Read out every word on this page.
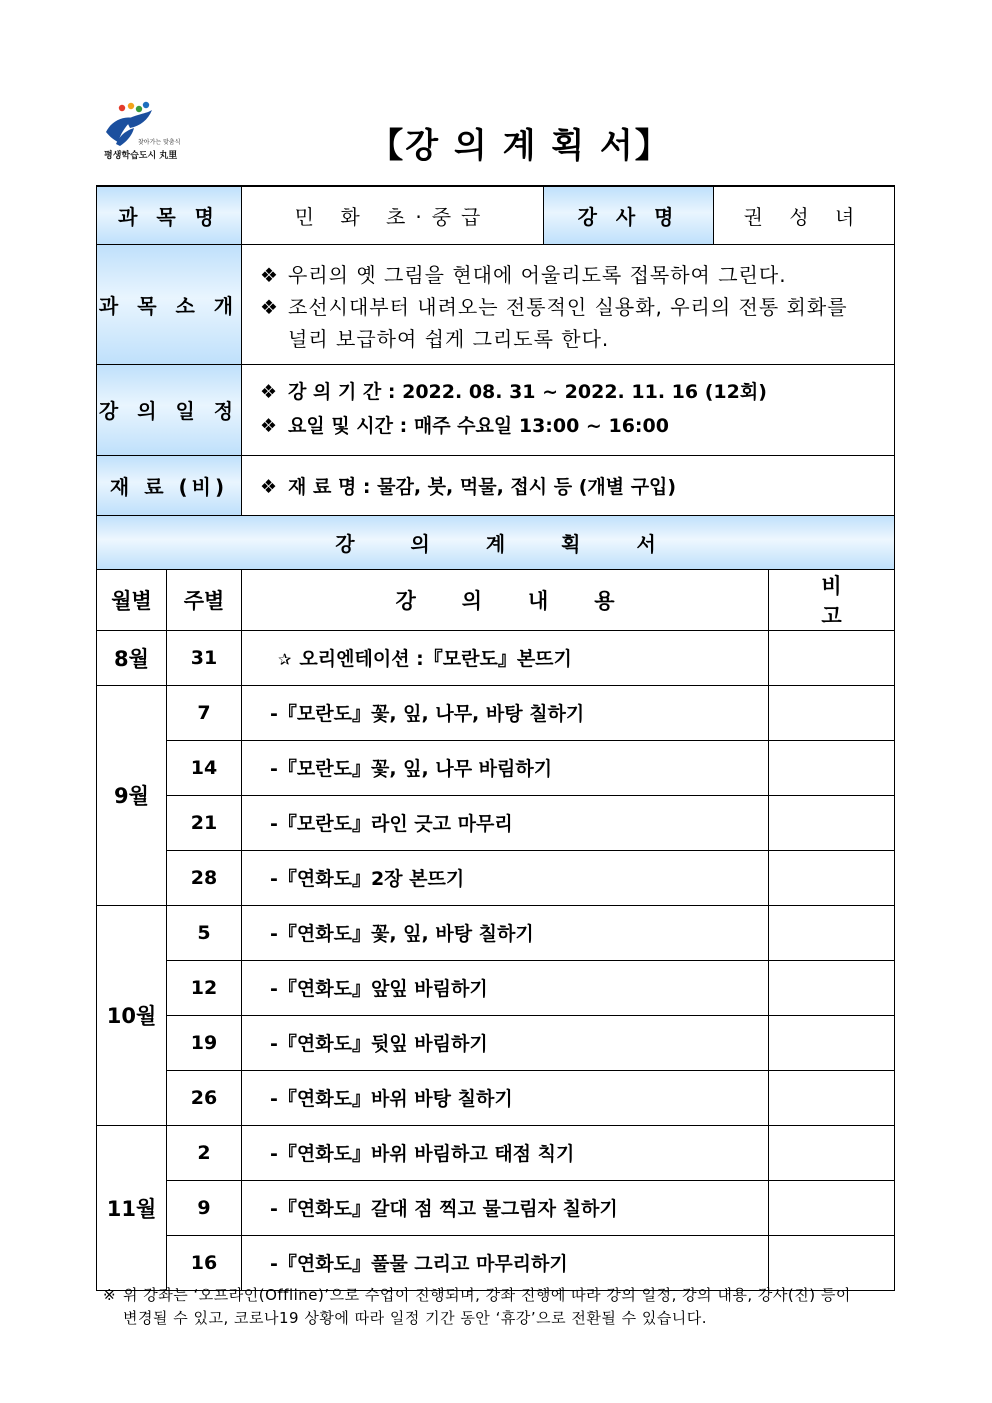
찾아가는 맞춤식
평생학습도시 丸里	【강 의 계 획 서】
과 목 명		민 화 초·중급	강 사 명	권 성 녀	
과 목 소 개		❖ 우리의 옛 그림을 현대에 어울리도록 접목하여 그린다.
❖ 조선시대부터 내려오는 전통적인 실용화, 우리의 전통 회화를
널리 보급하여 쉽게 그리도록 한다.			

강 의 일 정		❖ 강 의 기 간 : 2022. 08. 31 ~ 2022. 11. 16 (12회)
❖ 요일 및 시간 : 매주 수요일 13:00 ~ 16:00			

재 료 (비)		❖ 재 료 명 : 물감, 붓, 먹물, 접시 등 (개별 구입)			
강의계획서					
월별	주별	강의내용			비고
8월	31	✰ 오리엔테이션 :『모란도』본뜨기			
9월	7	-『모란도』꽃, 잎, 나무, 바탕 칠하기			
	14	-『모란도』꽃, 잎, 나무 바림하기			
	21	-『모란도』라인 긋고 마무리			
	28	-『연화도』2장 본뜨기			
10월	5	-『연화도』꽃, 잎, 바탕 칠하기			
	12	-『연화도』앞잎 바림하기			
	19	-『연화도』뒷잎 바림하기			
	26	-『연화도』바위 바탕 칠하기			
11월	2	-『연화도』바위 바림하고 태점 칙기			
	9	-『연화도』갈대 점 찍고 물그림자 칠하기			
	16	-『연화도』풀물 그리고 마무리하기			
※ 위 강좌는 ‘오프라인(Offline)’으로 수업이 진행되며, 강좌 진행에 따라 강의 일정, 강의 내용, 강사(진) 등이
변경될 수 있고, 코로나19 상황에 따라 일정 기간 동안 ‘휴강’으로 전환될 수 있습니다.
